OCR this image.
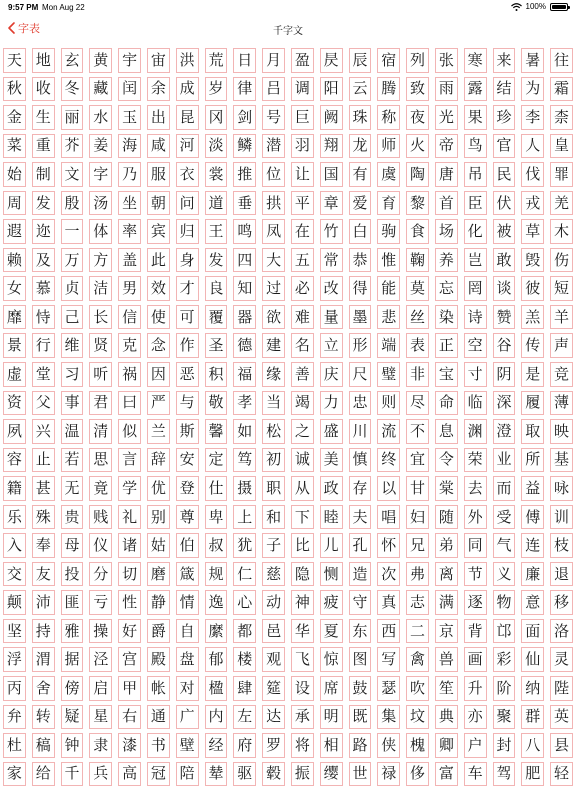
9:57 PM Mon Aug 22	100%
字表	千字文
天 地 玄 黄 宇 宙 洪 荒 日 月 盈 昃 辰 宿 列 张 寒 来 暑 往
秋 收 冬 藏 闰 余 成 岁 律 吕 调 阳 云 腾 致 雨 露 结 为 霜
金 生 丽 水 玉 出 昆 冈 剑 号 巨 阙 珠 称 夜 光 果 珍 李 柰
菜 重 芥 姜 海 咸 河 淡 鳞 潜 羽 翔 龙 师 火 帝 鸟 官 人 皇
始 制 文 字 乃 服 衣 裳 推 位 让 国 有 虞 陶 唐 吊 民 伐 罪
周 发 殷 汤 坐 朝 问 道 垂 拱 平 章 爱 育 黎 首 臣 伏 戎 羌
遐 迩 一 体 率 宾 归 王 鸣 凤 在 竹 白 驹 食 场 化 被 草 木
赖 及 万 方 盖 此 身 发 四 大 五 常 恭 惟 鞠 养 岂 敢 毁 伤
女 慕 贞 洁 男 效 才 良 知 过 必 改 得 能 莫 忘 罔 谈 彼 短
靡 恃 己 长 信 使 可 覆 器 欲 难 量 墨 悲 丝 染 诗 赞 羔 羊
景 行 维 贤 克 念 作 圣 德 建 名 立 形 端 表 正 空 谷 传 声
虚 堂 习 听 祸 因 恶 积 福 缘 善 庆 尺 璧 非 宝 寸 阴 是 竞
资 父 事 君 曰 严 与 敬 孝 当 竭 力 忠 则 尽 命 临 深 履 薄
夙 兴 温 清 似 兰 斯 馨 如 松 之 盛 川 流 不 息 渊 澄 取 映
容 止 若 思 言 辞 安 定 笃 初 诚 美 慎 终 宜 令 荣 业 所 基
籍 甚 无 竟 学 优 登 仕 摄 职 从 政 存 以 甘 棠 去 而 益 咏
乐 殊 贵 贱 礼 别 尊 卑 上 和 下 睦 夫 唱 妇 随 外 受 傅 训
入 奉 母 仪 诸 姑 伯 叔 犹 子 比 儿 孔 怀 兄 弟 同 气 连 枝
交 友 投 分 切 磨 箴 规 仁 慈 隐 恻 造 次 弗 离 节 义 廉 退
颠 沛 匪 亏 性 静 情 逸 心 动 神 疲 守 真 志 满 逐 物 意 移
坚 持 雅 操 好 爵 自 縻 都 邑 华 夏 东 西 二 京 背 邙 面 洛
浮 渭 据 泾 宫 殿 盘 郁 楼 观 飞 惊 图 写 禽 兽 画 彩 仙 灵
丙 舍 傍 启 甲 帐 对 楹 肆 筵 设 席 鼓 瑟 吹 笙 升 阶 纳 陛
弁 转 疑 星 右 通 广 内 左 达 承 明 既 集 坟 典 亦 聚 群 英
杜 稿 钟 隶 漆 书 壁 经 府 罗 将 相 路 侠 槐 卿 户 封 八 县
家 给 千 兵 高 冠 陪 辇 驱 毂 振 缨 世 禄 侈 富 车 驾 肥 轻
